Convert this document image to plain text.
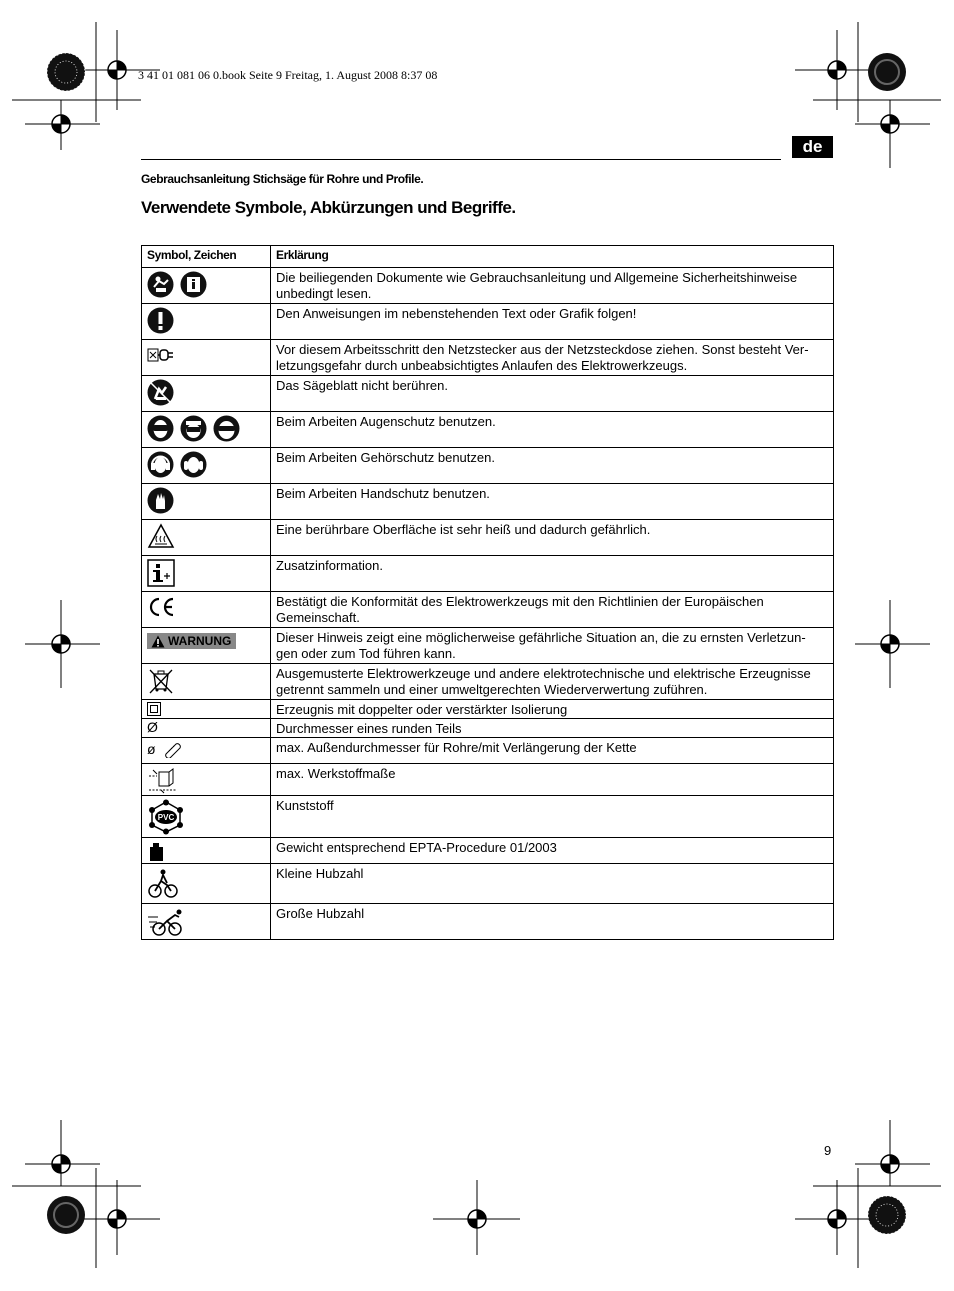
3 41 01 081 06 0.book Seite 9 Freitag, 1. August 2008 8:37 08
de
Gebrauchsanleitung Stichsäge für Rohre und Profile.
Verwendete Symbole, Abkürzungen und Begriffe.
Symbol, Zeichen	Erklärung

	Die beiliegenden Dokumente wie Gebrauchsanleitung und Allgemeine Sicherheitshinweise unbedingt lesen.

	Den Anweisungen im nebenstehenden Text oder Grafik folgen!

	Vor diesem Arbeitsschritt den Netzstecker aus der Netzsteckdose ziehen. Sonst besteht Ver-letzungsgefahr durch unbeabsichtigtes Anlaufen des Elektrowerkzeugs.

	Das Sägeblatt nicht berühren.

	Beim Arbeiten Augenschutz benutzen.

	Beim Arbeiten Gehörschutz benutzen.

	Beim Arbeiten Handschutz benutzen.

	Eine berührbare Oberfläche ist sehr heiß und dadurch gefährlich.

	Zusatzinformation.

	Bestätigt die Konformität des Elektrowerkzeugs mit den Richtlinien der Europäischen Gemeinschaft.

WARNUNG	Dieser Hinweis zeigt eine möglicherweise gefährliche Situation an, die zu ernsten Verletzun-gen oder zum Tod führen kann.

	Ausgemusterte Elektrowerkzeuge und andere elektrotechnische und elektrische Erzeugnisse getrennt sammeln und einer umweltgerechten Wiederverwertung zuführen.

	Erzeugnis mit doppelter oder verstärkter Isolierung

Ø	Durchmesser eines runden Teils

ø	max. Außendurchmesser für Rohre/mit Verlängerung der Kette

	max. Werkstoffmaße

PVC	Kunststoff

	Gewicht entsprechend EPTA-Procedure 01/2003

	Kleine Hubzahl

	Große Hubzahl
9
